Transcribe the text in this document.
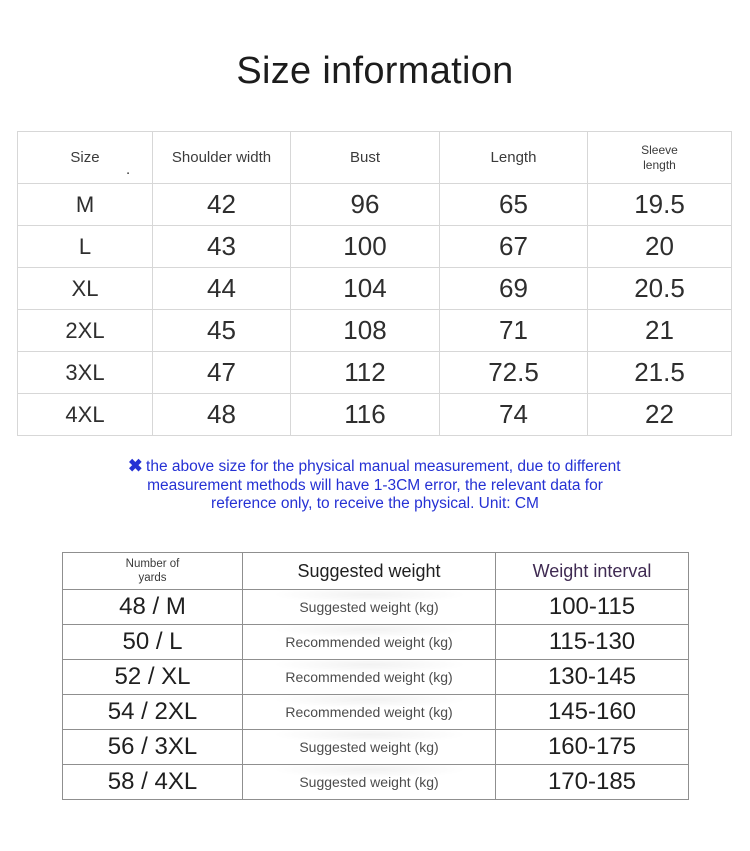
Size information
Size	Shoulder width	Bust	Length	Sleeve length
M	42	96	65	19.5
L	43	100	67	20
XL	44	104	69	20.5
2XL	45	108	71	21
3XL	47	112	72.5	21.5
4XL	48	116	74	22
.
✖ the above size for the physical manual measurement, due to different
measurement methods will have 1-3CM error, the relevant data for
reference only, to receive the physical. Unit: CM
Number of yards	Suggested weight	Weight interval
48 / M	Suggested weight (kg)	100-115
50 / L	Recommended weight (kg)	115-130
52 / XL	Recommended weight (kg)	130-145
54 / 2XL	Recommended weight (kg)	145-160
56 / 3XL	Suggested weight (kg)	160-175
58 / 4XL	Suggested weight (kg)	170-185
